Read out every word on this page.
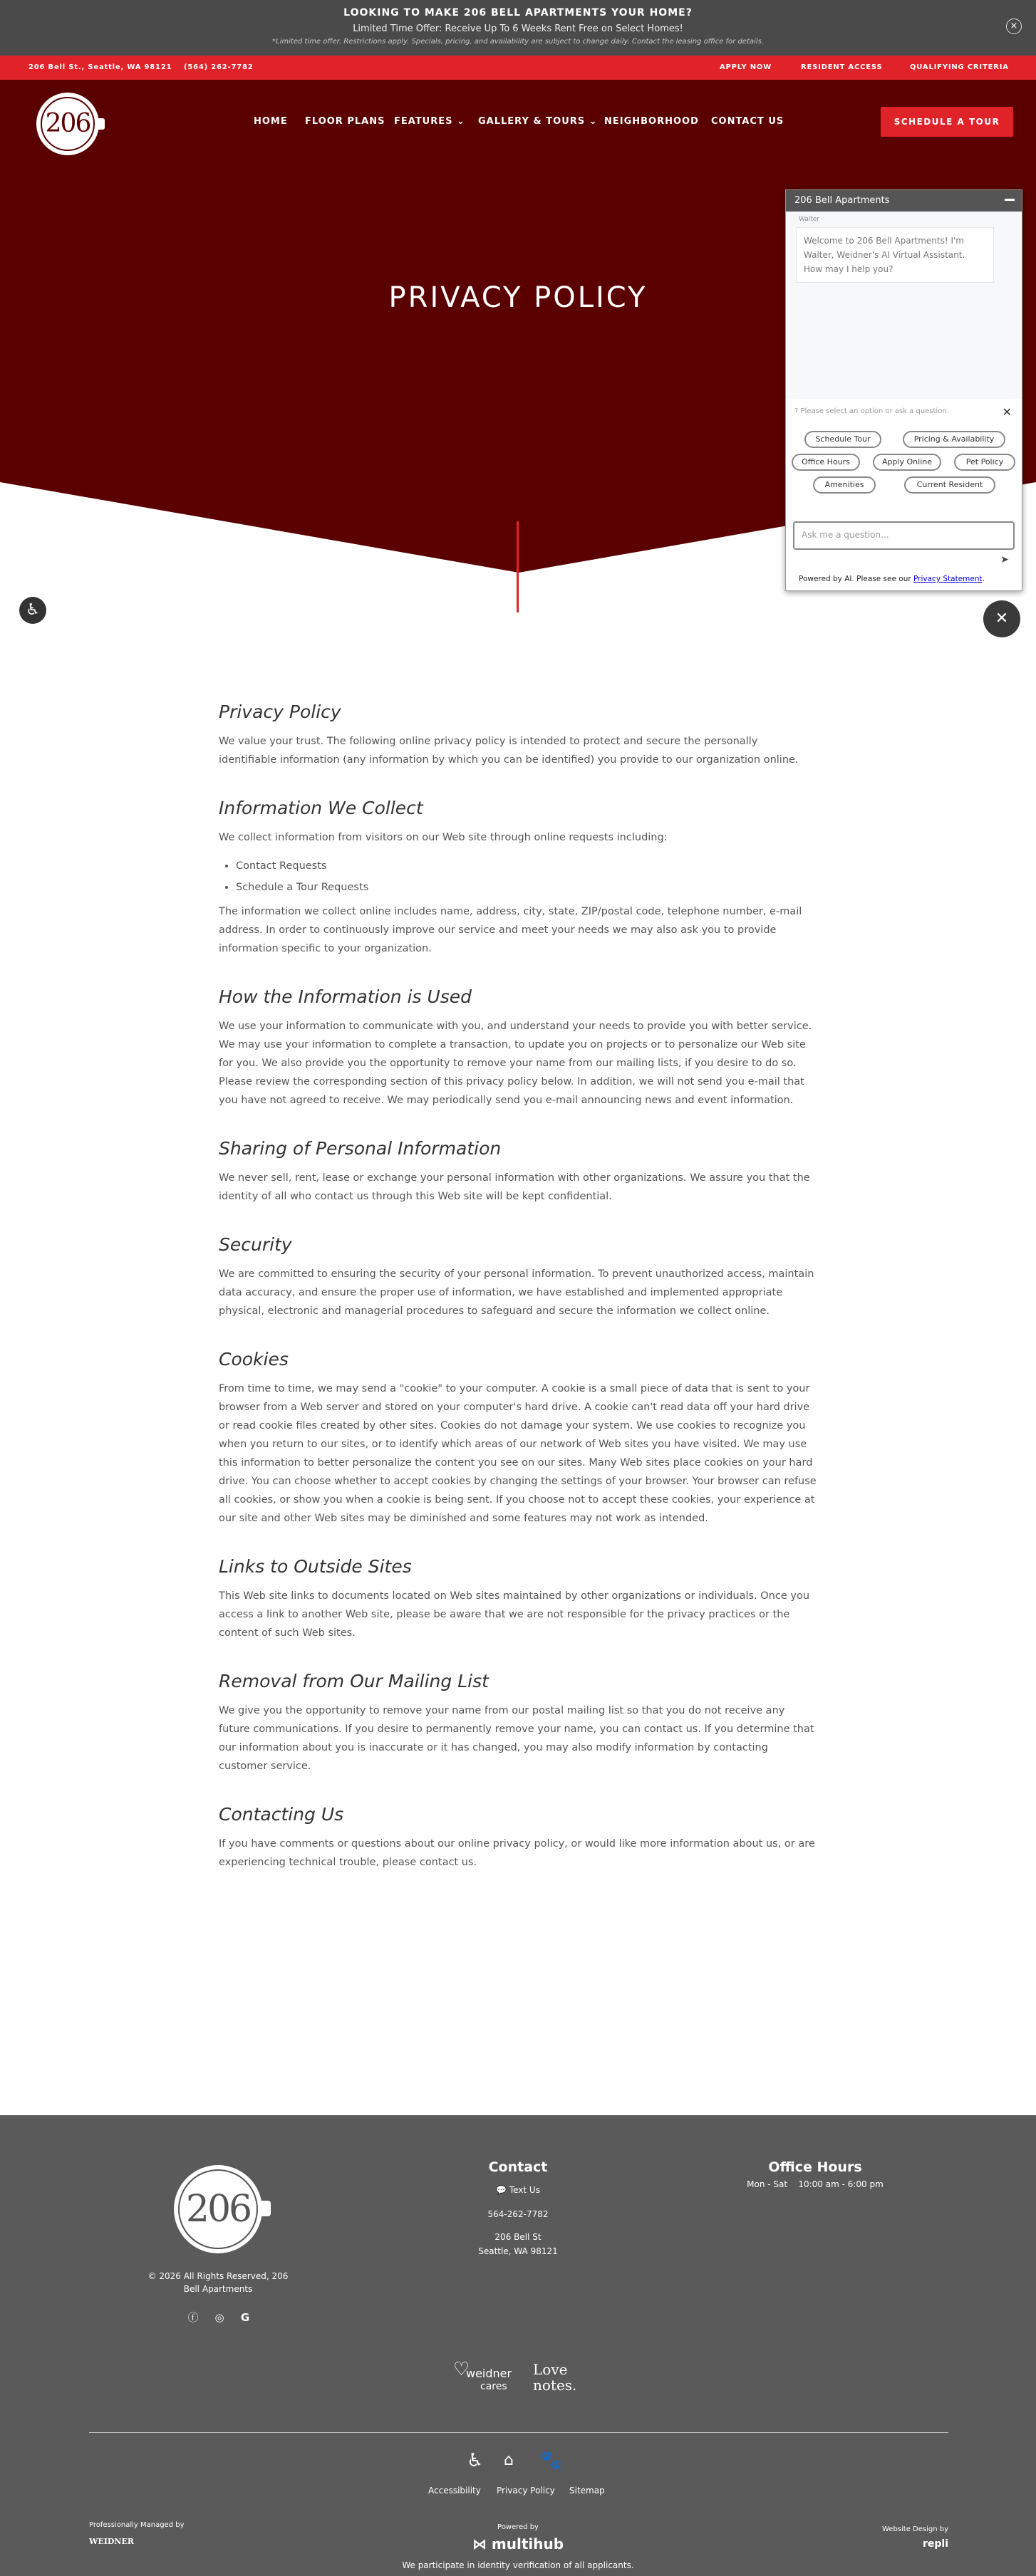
LOOKING TO MAKE 206 BELL APARTMENTS YOUR HOME?
Limited Time Offer: Receive Up To 6 Weeks Rent Free on Select Homes!
*Limited time offer. Restrictions apply. Specials, pricing, and availability are subject to change daily. Contact the leasing office for details.
×
206 Bell St., Seattle, WA 98121 (564) 262-7782	APPLY NOW	RESIDENT ACCESS	QUALIFYING CRITERIA
206	HOME FLOOR PLANS FEATURES ⌄ GALLERY & TOURS ⌄ NEIGHBORHOOD CONTACT US	SCHEDULE A TOUR
PRIVACY POLICY
♿
Privacy Policy

We value your trust. The following online privacy policy is intended to protect and secure the personally identifiable information (any information by which you can be identified) you provide to our organization online.

Information We Collect

We collect information from visitors on our Web site through online requests including:

• Contact Requests
• Schedule a Tour Requests

The information we collect online includes name, address, city, state, ZIP/postal code, telephone number, e-mail address. In order to continuously improve our service and meet your needs we may also ask you to provide information specific to your organization.

How the Information is Used

We use your information to communicate with you, and understand your needs to provide you with better service. We may use your information to complete a transaction, to update you on projects or to personalize our Web site for you. We also provide you the opportunity to remove your name from our mailing lists, if you desire to do so. Please review the corresponding section of this privacy policy below. In addition, we will not send you e-mail that you have not agreed to receive. We may periodically send you e-mail announcing news and event information.

Sharing of Personal Information

We never sell, rent, lease or exchange your personal information with other organizations. We assure you that the identity of all who contact us through this Web site will be kept confidential.

Security

We are committed to ensuring the security of your personal information. To prevent unauthorized access, maintain data accuracy, and ensure the proper use of information, we have established and implemented appropriate physical, electronic and managerial procedures to safeguard and secure the information we collect online.

Cookies

From time to time, we may send a "cookie" to your computer. A cookie is a small piece of data that is sent to your browser from a Web server and stored on your computer's hard drive. A cookie can't read data off your hard drive or read cookie files created by other sites. Cookies do not damage your system. We use cookies to recognize you when you return to our sites, or to identify which areas of our network of Web sites you have visited. We may use this information to better personalize the content you see on our sites. Many Web sites place cookies on your hard drive. You can choose whether to accept cookies by changing the settings of your browser. Your browser can refuse all cookies, or show you when a cookie is being sent. If you choose not to accept these cookies, your experience at our site and other Web sites may be diminished and some features may not work as intended.

Links to Outside Sites

This Web site links to documents located on Web sites maintained by other organizations or individuals. Once you access a link to another Web site, please be aware that we are not responsible for the privacy practices or the content of such Web sites.

Removal from Our Mailing List

We give you the opportunity to remove your name from our postal mailing list so that you do not receive any future communications. If you desire to permanently remove your name, you can contact us. If you determine that our information about you is inaccurate or it has changed, you may also modify information by contacting customer service.

Contacting Us

If you have comments or questions about our online privacy policy, or would like more information about us, or are experiencing technical trouble, please contact us.

206
© 2026 All Rights Reserved, 206 Bell Apartments
ⓕ ◎	G
Contact
💬 Text Us
564-262-7782
206 Bell St
Seattle, WA 98121
Office Hours
Mon - Sat    10:00 am - 6:00 pm
♡
weidner
cares
Love
notes.
♿ ⌂ 🐾
Accessibility Privacy Policy Sitemap
Professionally Managed by
WEIDNER
Powered by
⋈ multihub
Website Design by
repli
We participate in identity verification of all applicants.
206 Bell Apartments
Walter
Welcome to 206 Bell Apartments! I'm Walter, Weidner's AI Virtual Assistant. How may I help you?
? Please select an option or ask a question.	✕
Schedule Tour	Pricing & Availability
Office Hours	Apply Online	Pet Policy
Amenities	Current Resident
Ask me a question...
➤
Powered by AI. Please see our Privacy Statement.
✕
